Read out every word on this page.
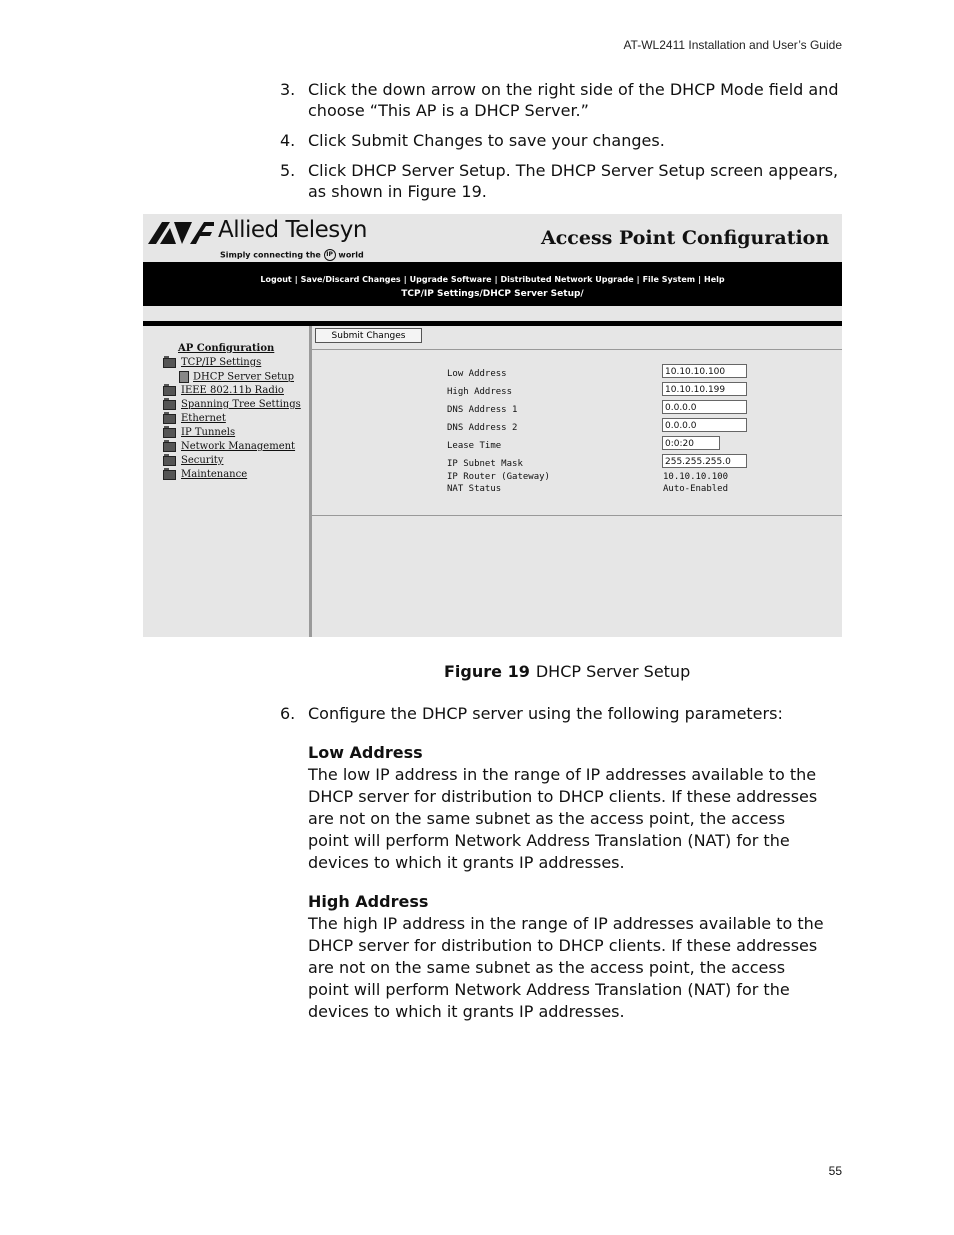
AT-WL2411 Installation and User’s Guide
3. Click the down arrow on the right side of the DHCP Mode field and choose “This AP is a DHCP Server.”
4. Click Submit Changes to save your changes.
5. Click DHCP Server Setup. The DHCP Server Setup screen appears, as shown in Figure 19.
Allied Telesyn
Simply connecting the IP world
Access Point Configuration
Logout | Save/Discard Changes | Upgrade Software | Distributed Network Upgrade | File System | Help
TCP/IP Settings/DHCP Server Setup/
AP Configuration
TCP/IP Settings
DHCP Server Setup
IEEE 802.11b Radio
Spanning Tree Settings
Ethernet
IP Tunnels
Network Management
Security
Maintenance
Submit Changes
Low Address	10.10.10.100
High Address	10.10.10.199
DNS Address 1	0.0.0.0
DNS Address 2	0.0.0.0
Lease Time	0:0:20
IP Subnet Mask	255.255.255.0
IP Router (Gateway)	10.10.10.100
NAT Status	Auto-Enabled
Figure 19 DHCP Server Setup
6. Configure the DHCP server using the following parameters:
Low Address
The low IP address in the range of IP addresses available to the DHCP server for distribution to DHCP clients. If these addresses are not on the same subnet as the access point, the access point will perform Network Address Translation (NAT) for the devices to which it grants IP addresses.
High Address
The high IP address in the range of IP addresses available to the DHCP server for distribution to DHCP clients. If these addresses are not on the same subnet as the access point, the access point will perform Network Address Translation (NAT) for the devices to which it grants IP addresses.
55
